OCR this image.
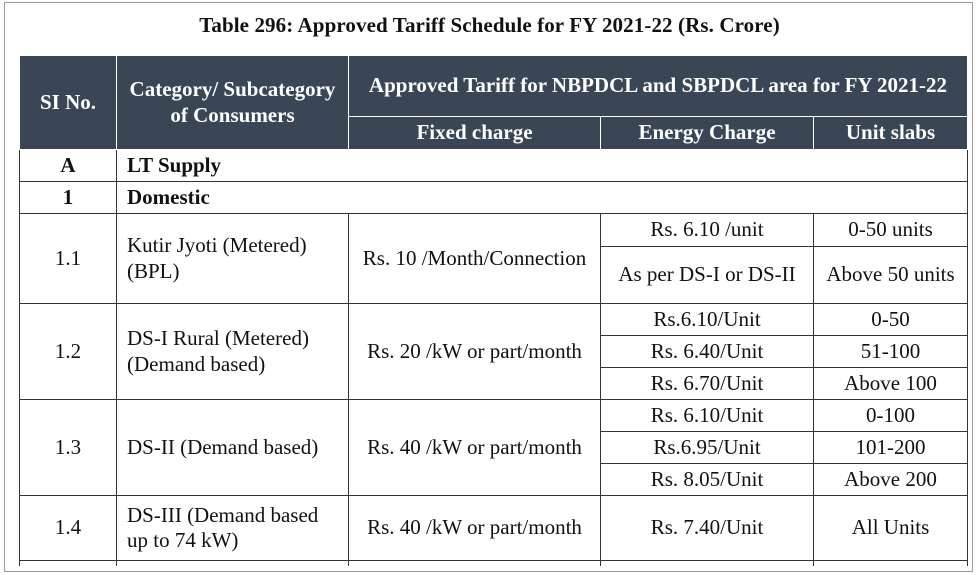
Table 296: Approved Tariff Schedule for FY 2021-22 (Rs. Crore)
SI No.	Category/ Subcategory of Consumers	Approved Tariff for NBPDCL and SBPDCL area for FY 2021-22		
		Fixed charge	Energy Charge	Unit slabs
A	LT Supply			
1	Domestic			
1.1	Kutir Jyoti (Metered) (BPL)	Rs. 10 /Month/Connection	Rs. 6.10 /unit	0-50 units
			As per DS-I or DS-II	Above 50 units
1.2	DS-I Rural (Metered) (Demand based)	Rs. 20 /kW or part/month	Rs.6.10/Unit	0-50
			Rs. 6.40/Unit	51-100
			Rs. 6.70/Unit	Above 100
1.3	DS-II (Demand based)	Rs. 40 /kW or part/month	Rs. 6.10/Unit	0-100
			Rs.6.95/Unit	101-200
			Rs. 8.05/Unit	Above 200
1.4	DS-III (Demand based up to 74 kW)	Rs. 40 /kW or part/month	Rs. 7.40/Unit	All Units
